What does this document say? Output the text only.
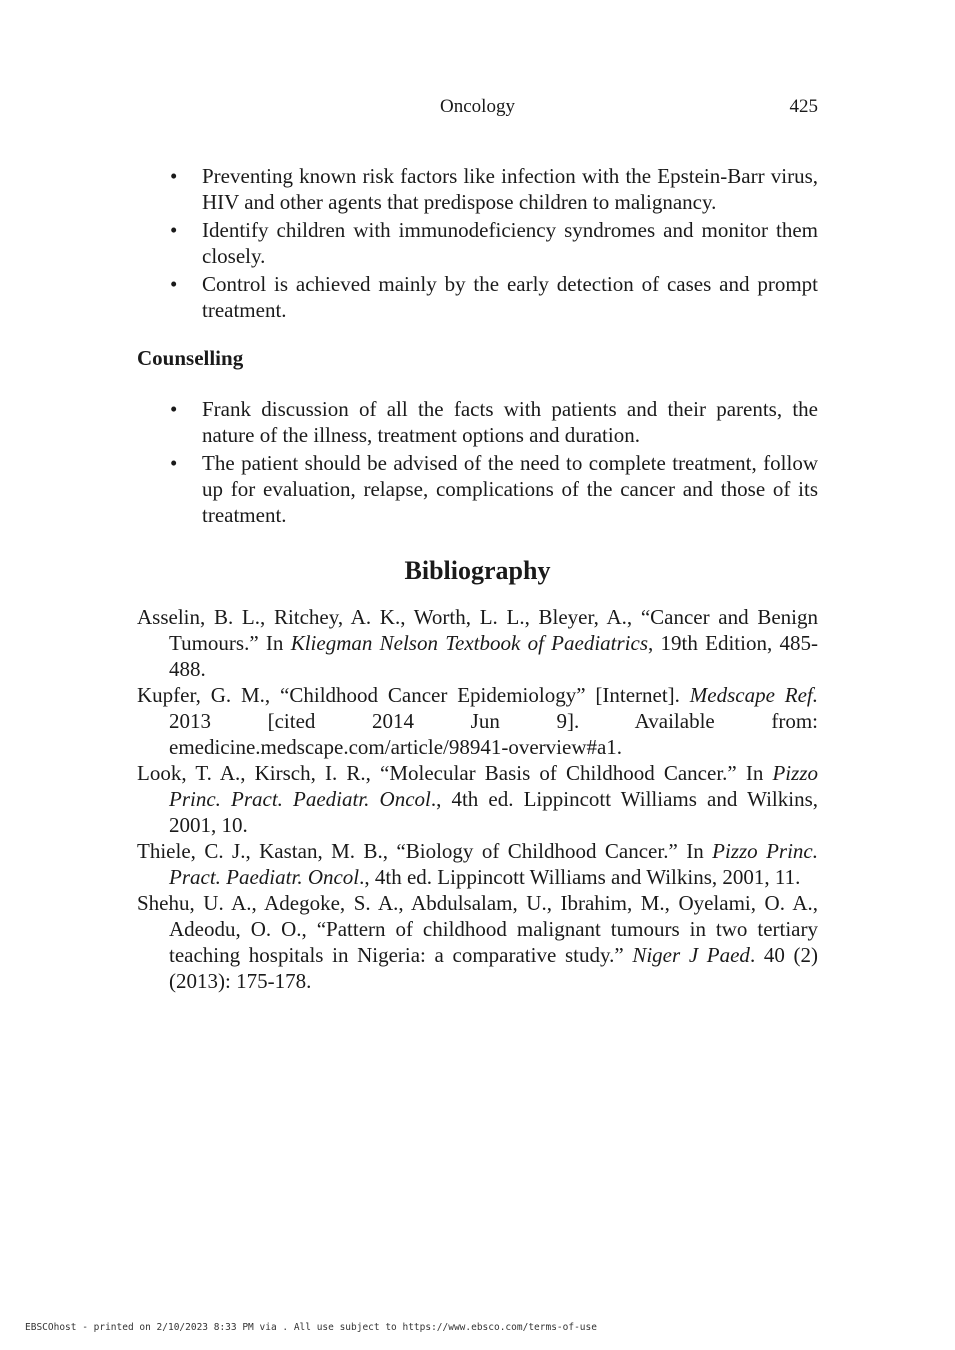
Oncology	425
• Preventing known risk factors like infection with the Epstein-Barr virus, HIV and other agents that predispose children to malignancy.
• Identify children with immunodeficiency syndromes and monitor them closely.
• Control is achieved mainly by the early detection of cases and prompt treatment.
Counselling
• Frank discussion of all the facts with patients and their parents, the nature of the illness, treatment options and duration.
• The patient should be advised of the need to complete treatment, follow up for evaluation, relapse, complications of the cancer and those of its treatment.
Bibliography
Asselin, B. L., Ritchey, A. K., Worth, L. L., Bleyer, A., “Cancer and Benign Tumours.” In Kliegman Nelson Textbook of Paediatrics, 19th Edition, 485-488.
Kupfer, G. M., “Childhood Cancer Epidemiology” [Internet]. Medscape Ref. 2013 [cited 2014 Jun 9]. Available from: emedicine.medscape.com/article/98941-overview#a1.
Look, T. A., Kirsch, I. R., “Molecular Basis of Childhood Cancer.” In Pizzo Princ. Pract. Paediatr. Oncol., 4th ed. Lippincott Williams and Wilkins, 2001, 10.
Thiele, C. J., Kastan, M. B., “Biology of Childhood Cancer.” In Pizzo Princ. Pract. Paediatr. Oncol., 4th ed. Lippincott Williams and Wilkins, 2001, 11.
Shehu, U. A., Adegoke, S. A., Abdulsalam, U., Ibrahim, M., Oyelami, O. A., Adeodu, O. O., “Pattern of childhood malignant tumours in two tertiary teaching hospitals in Nigeria: a comparative study.” Niger J Paed. 40 (2) (2013): 175-178.
EBSCOhost - printed on 2/10/2023 8:33 PM via . All use subject to https://www.ebsco.com/terms-of-use
